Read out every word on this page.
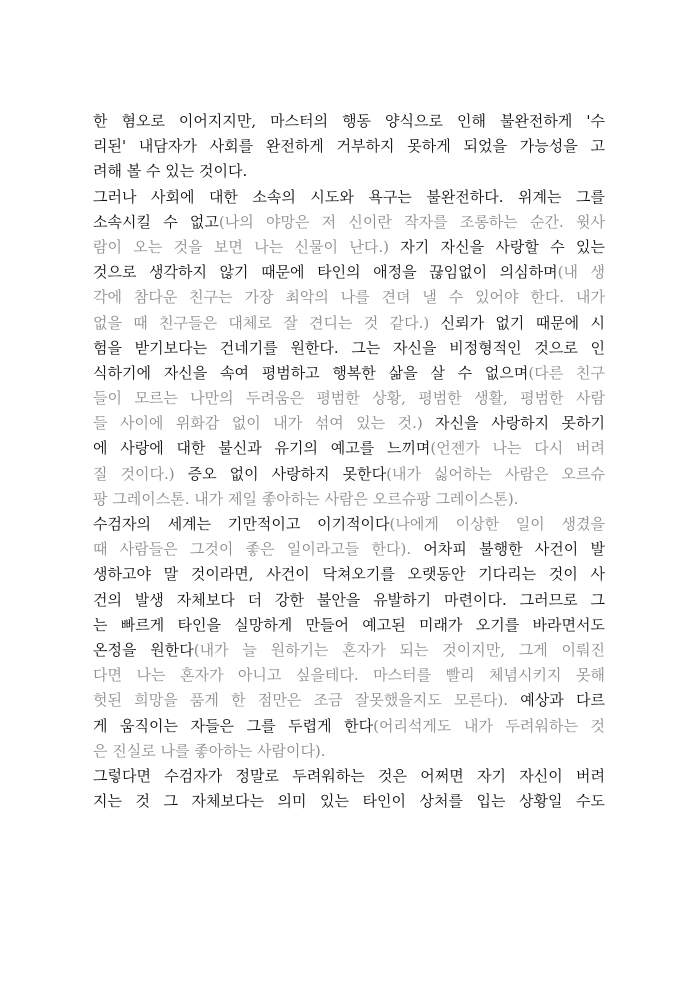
한 혐오로 이어지지만, 마스터의 행동 양식으로 인해 불완전하게 '수
리된' 내담자가 사회를 완전하게 거부하지 못하게 되었을 가능성을 고
려해 볼 수 있는 것이다.
그러나 사회에 대한 소속의 시도와 욕구는 불완전하다. 위계는 그를
소속시킬 수 없고(나의 야망은 저 신이란 작자를 조롱하는 순간. 윗사
람이 오는 것을 보면 나는 신물이 난다.) 자기 자신을 사랑할 수 있는
것으로 생각하지 않기 때문에 타인의 애정을 끊임없이 의심하며(내 생
각에 참다운 친구는 가장 최악의 나를 견뎌 낼 수 있어야 한다. 내가
없을 때 친구들은 대체로 잘 견디는 것 같다.) 신뢰가 없기 때문에 시
험을 받기보다는 건네기를 원한다. 그는 자신을 비정형적인 것으로 인
식하기에 자신을 속여 평범하고 행복한 삶을 살 수 없으며(다른 친구
들이 모르는 나만의 두려움은 평범한 상황, 평범한 생활, 평범한 사람
들 사이에 위화감 없이 내가 섞여 있는 것.) 자신을 사랑하지 못하기
에 사랑에 대한 불신과 유기의 예고를 느끼며(언젠가 나는 다시 버려
질 것이다.) 증오 없이 사랑하지 못한다(내가 싫어하는 사람은 오르슈
팡 그레이스톤. 내가 제일 좋아하는 사람은 오르슈팡 그레이스톤).
수검자의 세계는 기만적이고 이기적이다(나에게 이상한 일이 생겼을
때 사람들은 그것이 좋은 일이라고들 한다). 어차피 불행한 사건이 발
생하고야 말 것이라면, 사건이 닥쳐오기를 오랫동안 기다리는 것이 사
건의 발생 자체보다 더 강한 불안을 유발하기 마련이다. 그러므로 그
는 빠르게 타인을 실망하게 만들어 예고된 미래가 오기를 바라면서도
온정을 원한다(내가 늘 원하기는 혼자가 되는 것이지만, 그게 이뤄진
다면 나는 혼자가 아니고 싶을테다. 마스터를 빨리 체념시키지 못해
헛된 희망을 품게 한 점만은 조금 잘못했을지도 모른다). 예상과 다르
게 움직이는 자들은 그를 두렵게 한다(어리석게도 내가 두려워하는 것
은 진실로 나를 좋아하는 사람이다).
그렇다면 수검자가 정말로 두려워하는 것은 어쩌면 자기 자신이 버려
지는 것 그 자체보다는 의미 있는 타인이 상처를 입는 상황일 수도
